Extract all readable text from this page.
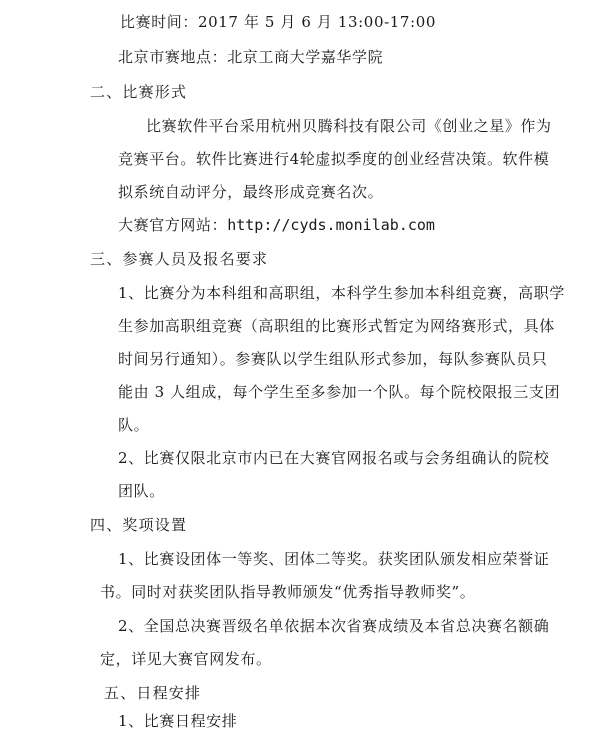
比赛时间：2017 年 5 月 6 月 13:00-17:00
北京市赛地点：北京工商大学嘉华学院
二、比赛形式
比赛软件平台采用杭州贝腾科技有限公司《创业之星》作为
竞赛平台。软件比赛进行4轮虚拟季度的创业经营决策。软件模
拟系统自动评分，最终形成竞赛名次。
大赛官方网站：http://cyds.monilab.com
三、参赛人员及报名要求
1、比赛分为本科组和高职组，本科学生参加本科组竞赛，高职学
生参加高职组竞赛（高职组的比赛形式暂定为网络赛形式，具体
时间另行通知）。参赛队以学生组队形式参加，每队参赛队员只
能由 3 人组成，每个学生至多参加一个队。每个院校限报三支团
队。
2、比赛仅限北京市内已在大赛官网报名或与会务组确认的院校
团队。
四、奖项设置
1、比赛设团体一等奖、团体二等奖。获奖团队颁发相应荣誉证
书。同时对获奖团队指导教师颁发“优秀指导教师奖”。
2、全国总决赛晋级名单依据本次省赛成绩及本省总决赛名额确
定，详见大赛官网发布。
五、日程安排
1、比赛日程安排
